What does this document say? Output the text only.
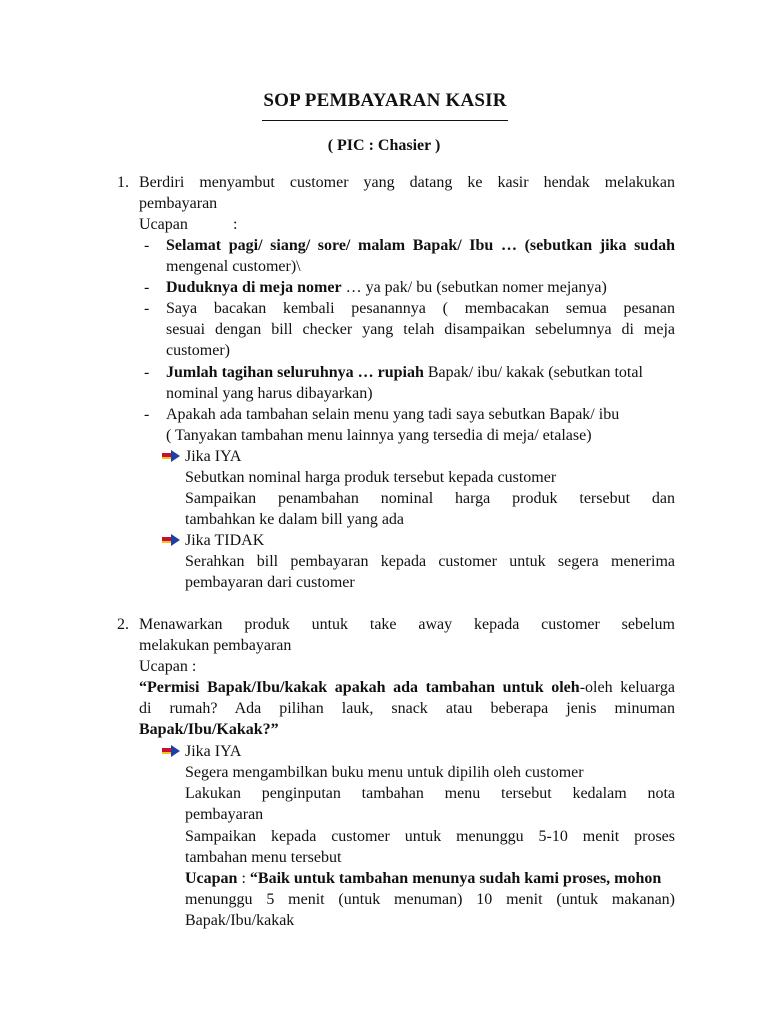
SOP PEMBAYARAN KASIR
( PIC : Chasier )
1. Berdiri menyambut customer yang datang ke kasir hendak melakukan
pembayaran
Ucapan	:
- Selamat pagi/ siang/ sore/ malam Bapak/ Ibu … (sebutkan jika sudah
mengenal customer)\
- Duduknya di meja nomer … ya pak/ bu (sebutkan nomer mejanya)
- Saya bacakan kembali pesanannya ( membacakan semua pesanan
sesuai dengan bill checker yang telah disampaikan sebelumnya di meja
customer)
- Jumlah tagihan seluruhnya … rupiah Bapak/ ibu/ kakak (sebutkan total
nominal yang harus dibayarkan)
- Apakah ada tambahan selain menu yang tadi saya sebutkan Bapak/ ibu
( Tanyakan tambahan menu lainnya yang tersedia di meja/ etalase)
Jika IYA
Sebutkan nominal harga produk tersebut kepada customer
Sampaikan penambahan nominal harga produk tersebut dan
tambahkan ke dalam bill yang ada
Jika TIDAK
Serahkan bill pembayaran kepada customer untuk segera menerima
pembayaran dari customer
2. Menawarkan produk untuk take away kepada customer sebelum
melakukan pembayaran
Ucapan :
“Permisi Bapak/Ibu/kakak apakah ada tambahan untuk oleh-oleh keluarga
di rumah? Ada pilihan lauk, snack atau beberapa jenis minuman
Bapak/Ibu/Kakak?”
Jika IYA
Segera mengambilkan buku menu untuk dipilih oleh customer
Lakukan penginputan tambahan menu tersebut kedalam nota
pembayaran
Sampaikan kepada customer untuk menunggu 5-10 menit proses
tambahan menu tersebut
Ucapan : “Baik untuk tambahan menunya sudah kami proses, mohon
menunggu 5 menit (untuk menuman) 10 menit (untuk makanan)
Bapak/Ibu/kakak
